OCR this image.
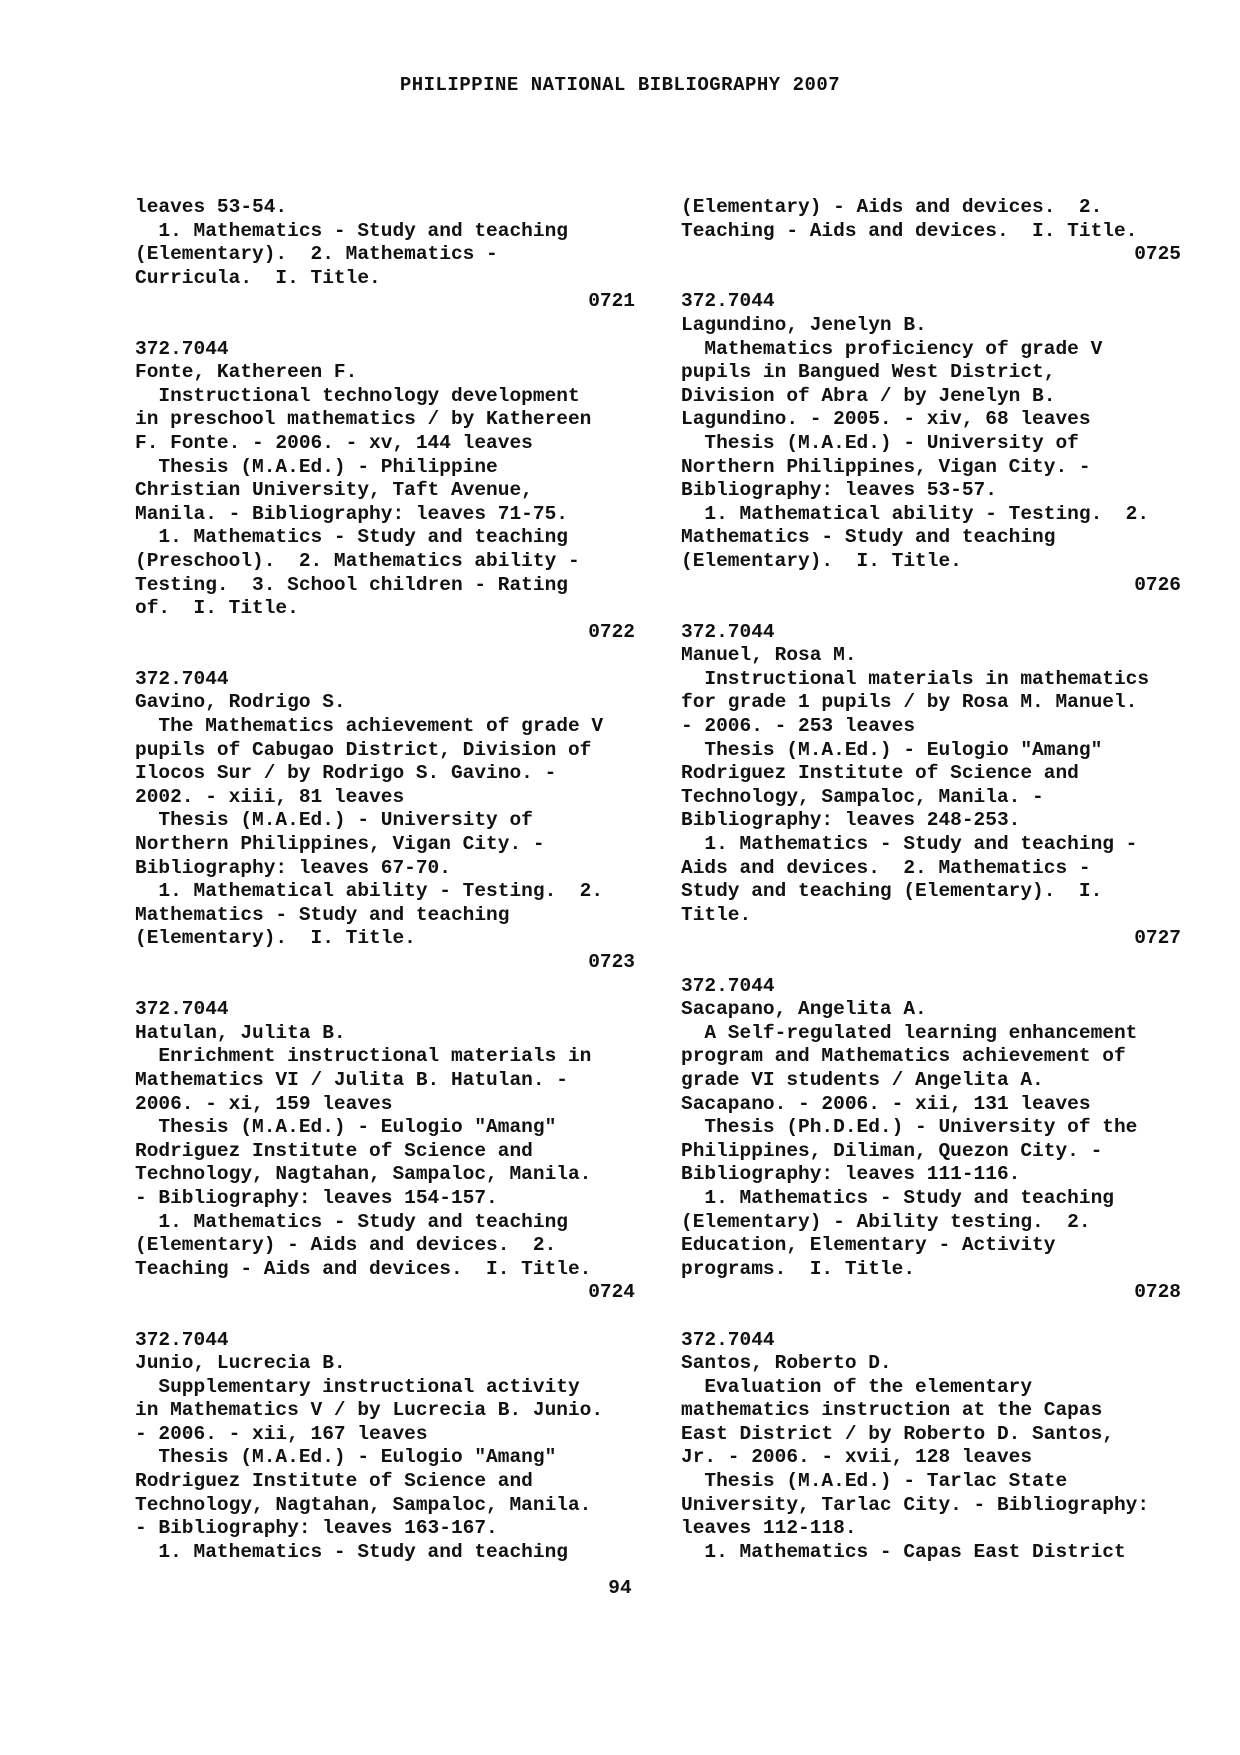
PHILIPPINE NATIONAL BIBLIOGRAPHY 2007
leaves 53-54.
1. Mathematics - Study and teaching
(Elementary).  2. Mathematics -
Curricula.  I. Title.
0721
372.7044
Fonte, Kathereen F.
Instructional technology development
in preschool mathematics / by Kathereen
F. Fonte. - 2006. - xv, 144 leaves
Thesis (M.A.Ed.) - Philippine
Christian University, Taft Avenue,
Manila. - Bibliography: leaves 71-75.
1. Mathematics - Study and teaching
(Preschool).  2. Mathematics ability -
Testing.  3. School children - Rating
of.  I. Title.
0722
372.7044
Gavino, Rodrigo S.
The Mathematics achievement of grade V
pupils of Cabugao District, Division of
Ilocos Sur / by Rodrigo S. Gavino. -
2002. - xiii, 81 leaves
Thesis (M.A.Ed.) - University of
Northern Philippines, Vigan City. -
Bibliography: leaves 67-70.
1. Mathematical ability - Testing.  2.
Mathematics - Study and teaching
(Elementary).  I. Title.
0723
372.7044
Hatulan, Julita B.
Enrichment instructional materials in
Mathematics VI / Julita B. Hatulan. -
2006. - xi, 159 leaves
Thesis (M.A.Ed.) - Eulogio "Amang"
Rodriguez Institute of Science and
Technology, Nagtahan, Sampaloc, Manila.
- Bibliography: leaves 154-157.
1. Mathematics - Study and teaching
(Elementary) - Aids and devices.  2.
Teaching - Aids and devices.  I. Title.
0724
372.7044
Junio, Lucrecia B.
Supplementary instructional activity
in Mathematics V / by Lucrecia B. Junio.
- 2006. - xii, 167 leaves
Thesis (M.A.Ed.) - Eulogio "Amang"
Rodriguez Institute of Science and
Technology, Nagtahan, Sampaloc, Manila.
- Bibliography: leaves 163-167.
1. Mathematics - Study and teaching
(Elementary) - Aids and devices.  2.
Teaching - Aids and devices.  I. Title.
0725
372.7044
Lagundino, Jenelyn B.
Mathematics proficiency of grade V
pupils in Bangued West District,
Division of Abra / by Jenelyn B.
Lagundino. - 2005. - xiv, 68 leaves
Thesis (M.A.Ed.) - University of
Northern Philippines, Vigan City. -
Bibliography: leaves 53-57.
1. Mathematical ability - Testing.  2.
Mathematics - Study and teaching
(Elementary).  I. Title.
0726
372.7044
Manuel, Rosa M.
Instructional materials in mathematics
for grade 1 pupils / by Rosa M. Manuel.
- 2006. - 253 leaves
Thesis (M.A.Ed.) - Eulogio "Amang"
Rodriguez Institute of Science and
Technology, Sampaloc, Manila. -
Bibliography: leaves 248-253.
1. Mathematics - Study and teaching -
Aids and devices.  2. Mathematics -
Study and teaching (Elementary).  I.
Title.
0727
372.7044
Sacapano, Angelita A.
A Self-regulated learning enhancement
program and Mathematics achievement of
grade VI students / Angelita A.
Sacapano. - 2006. - xii, 131 leaves
Thesis (Ph.D.Ed.) - University of the
Philippines, Diliman, Quezon City. -
Bibliography: leaves 111-116.
1. Mathematics - Study and teaching
(Elementary) - Ability testing.  2.
Education, Elementary - Activity
programs.  I. Title.
0728
372.7044
Santos, Roberto D.
Evaluation of the elementary
mathematics instruction at the Capas
East District / by Roberto D. Santos,
Jr. - 2006. - xvii, 128 leaves
Thesis (M.A.Ed.) - Tarlac State
University, Tarlac City. - Bibliography:
leaves 112-118.
1. Mathematics - Capas East District
94
